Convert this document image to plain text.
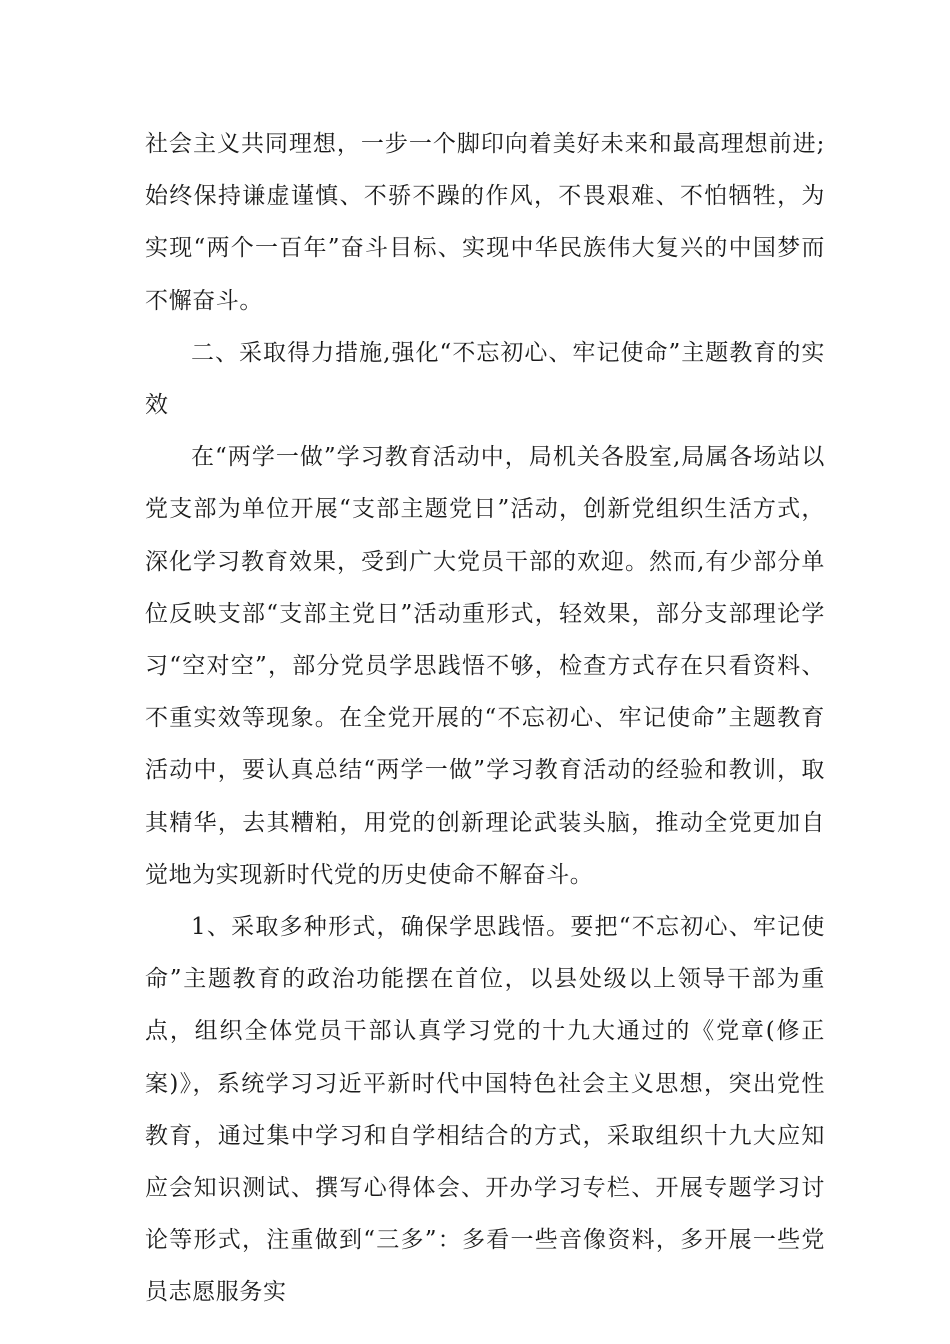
社会主义共同理想，一步一个脚印向着美好未来和最高理想前进;始终保持谦虚谨慎、不骄不躁的作风，不畏艰难、不怕牺牲，为实现“两个一百年”奋斗目标、实现中华民族伟大复兴的中国梦而不懈奋斗。

二、采取得力措施,强化“不忘初心、牢记使命”主题教育的实效

在“两学一做”学习教育活动中，局机关各股室,局属各场站以党支部为单位开展“支部主题党日”活动，创新党组织生活方式，深化学习教育效果，受到广大党员干部的欢迎。然而,有少部分单位反映支部“支部主党日”活动重形式，轻效果，部分支部理论学习“空对空”，部分党员学思践悟不够，检查方式存在只看资料、不重实效等现象。在全党开展的“不忘初心、牢记使命”主题教育活动中，要认真总结“两学一做”学习教育活动的经验和教训，取其精华，去其糟粕，用党的创新理论武装头脑，推动全党更加自觉地为实现新时代党的历史使命不解奋斗。

1、采取多种形式，确保学思践悟。要把“不忘初心、牢记使命”主题教育的政治功能摆在首位，以县处级以上领导干部为重点，组织全体党员干部认真学习党的十九大通过的《党章(修正案)》，系统学习习近平新时代中国特色社会主义思想，突出党性教育，通过集中学习和自学相结合的方式，采取组织十九大应知应会知识测试、撰写心得体会、开办学习专栏、开展专题学习讨论等形式，注重做到“三多”：多看一些音像资料，多开展一些党员志愿服务实
